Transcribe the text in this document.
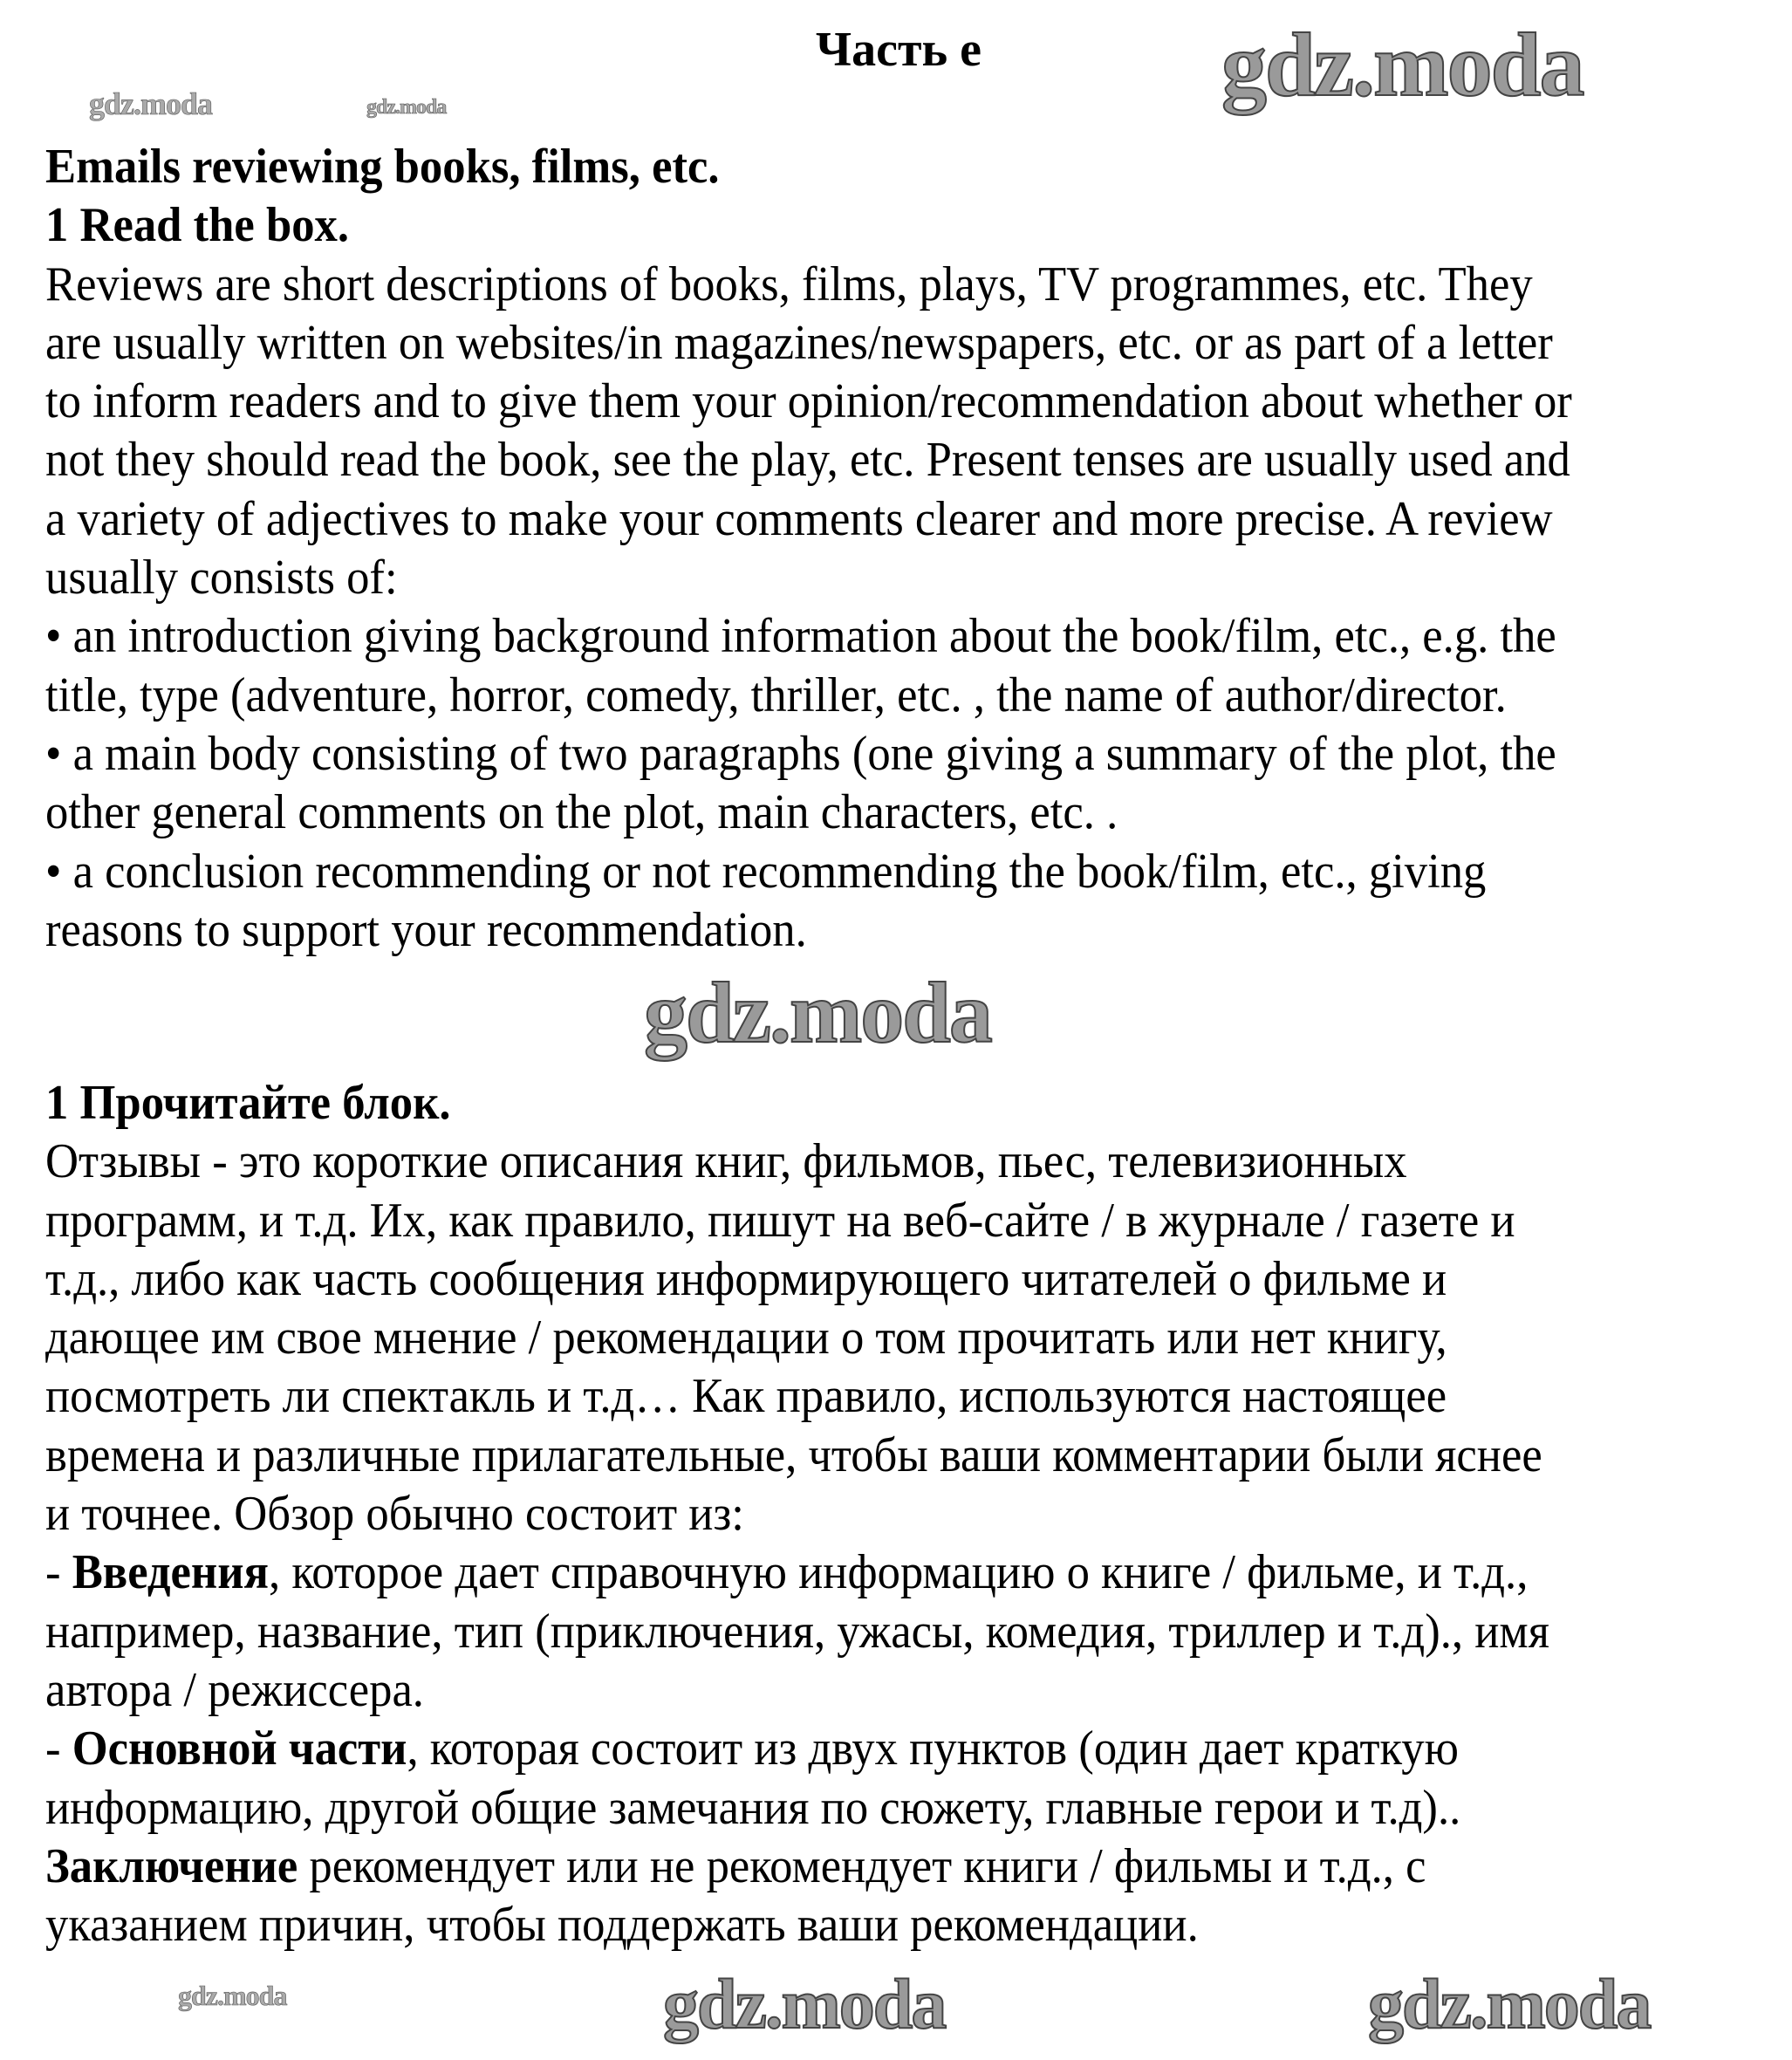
Часть е
Emails reviewing books, films, etc.
1 Read the box.
Reviews are short descriptions of books, films, plays, TV programmes, etc. They
are usually written on websites/in magazines/newspapers, etc. or as part of a letter
to inform readers and to give them your opinion/recommendation about whether or
not they should read the book, see the play, etc. Present tenses are usually used and
a variety of adjectives to make your comments clearer and more precise. A review
usually consists of:
• an introduction giving background information about the book/film, etc., e.g. the
title, type (adventure, horror, comedy, thriller, etc. , the name of author/director.
• a main body consisting of two paragraphs (one giving a summary of the plot, the
other general comments on the plot, main characters, etc. .
• a conclusion recommending or not recommending the book/film, etc., giving
reasons to support your recommendation.
1 Прочитайте блок.
Отзывы - это короткие описания книг, фильмов, пьес, телевизионных
программ, и т.д. Их, как правило, пишут на веб-сайте / в журнале / газете и
т.д., либо как часть сообщения информирующего читателей о фильме и
дающее им свое мнение / рекомендации о том прочитать или нет книгу,
посмотреть ли спектакль и т.д… Как правило, используются настоящее
времена и различные прилагательные, чтобы ваши комментарии были яснее
и точнее. Обзор обычно состоит из:
- Введения, которое дает справочную информацию о книге / фильме, и т.д.,
например, название, тип (приключения, ужасы, комедия, триллер и т.д)., имя
автора / режиссера.
- Основной части, которая состоит из двух пунктов (один дает краткую
информацию, другой общие замечания по сюжету, главные герои и т.д)..
Заключение рекомендует или не рекомендует книги / фильмы и т.д., с
указанием причин, чтобы поддержать ваши рекомендации.
gdz.moda	gdz.moda
gdz.moda
gdz.moda
gdz.moda	gdz.moda
gdz.moda
